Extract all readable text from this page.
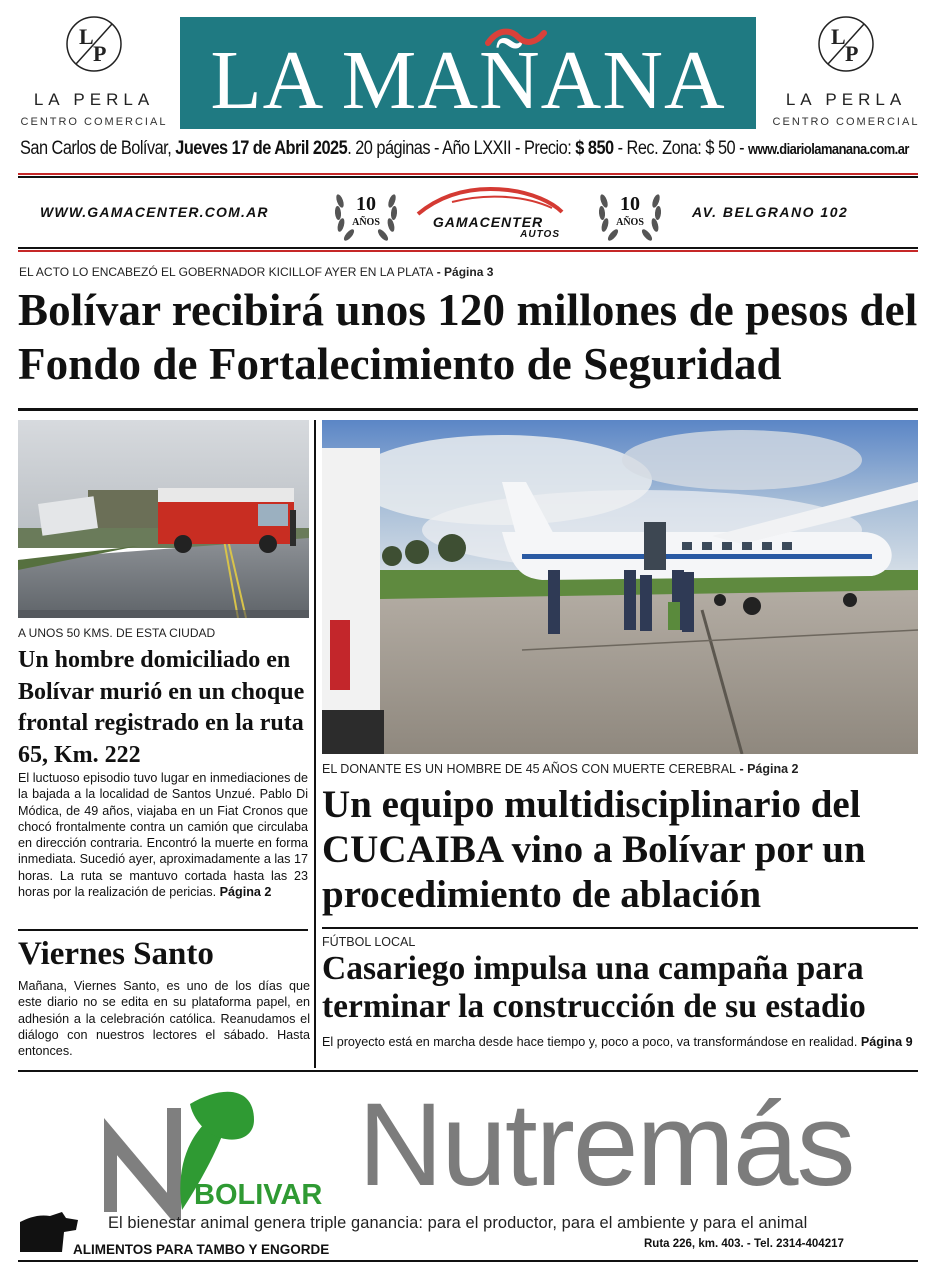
L
P
LA PERLA
CENTRO COMERCIAL LA MAÑANA	L
P
LA PERLA
CENTRO COMERCIAL
San Carlos de Bolívar, Jueves 17 de Abril 2025. 20 páginas - Año LXXII - Precio: $ 850 - Rec. Zona: $ 50 - www.diariolamanana.com.ar
WWW.GAMACENTER.COM.AR	10
AÑOS	GAMACENTER
AUTOS
10
AÑOS
AV. BELGRANO 102
EL ACTO LO ENCABEZÓ EL GOBERNADOR KICILLOF AYER EN LA PLATA - Página 3
Bolívar recibirá unos 120 millones de pesos del Fondo de Fortalecimiento de Seguridad
A UNOS 50 KMS. DE ESTA CIUDAD
Un hombre domiciliado en Bolívar murió en un choque frontal registrado en la ruta 65, Km. 222

El luctuoso episodio tuvo lugar en inmediaciones de la bajada a la localidad de Santos Unzué. Pablo Di Módica, de 49 años, viajaba en un Fiat Cronos que chocó frontalmente contra un camión que circulaba en dirección contraria. Encontró la muerte en forma inmediata. Sucedió ayer, aproximadamente a las 17 horas. La ruta se mantuvo cortada hasta las 23 horas por la realización de pericias. Página 2

Viernes Santo

Mañana, Viernes Santo, es uno de los días que este diario no se edita en su plataforma papel, en adhesión a la celebración católica. Reanudamos el diálogo con nuestros lectores el sábado. Hasta entonces.

EL DONANTE ES UN HOMBRE DE 45 AÑOS CON MUERTE CEREBRAL - Página 2
Un equipo multidisciplinario del CUCAIBA vino a Bolívar por un procedimiento de ablación
FÚTBOL LOCAL
Casariego impulsa una campaña para terminar la construcción de su estadio

El proyecto está en marcha desde hace tiempo y, poco a poco, va transformándose en realidad. Página 9

BOLIVAR Nutremás
El bienestar animal genera triple ganancia: para el productor, para el ambiente y para el animal
ALIMENTOS PARA TAMBO Y ENGORDE	Ruta 226, km. 403. - Tel. 2314-404217
